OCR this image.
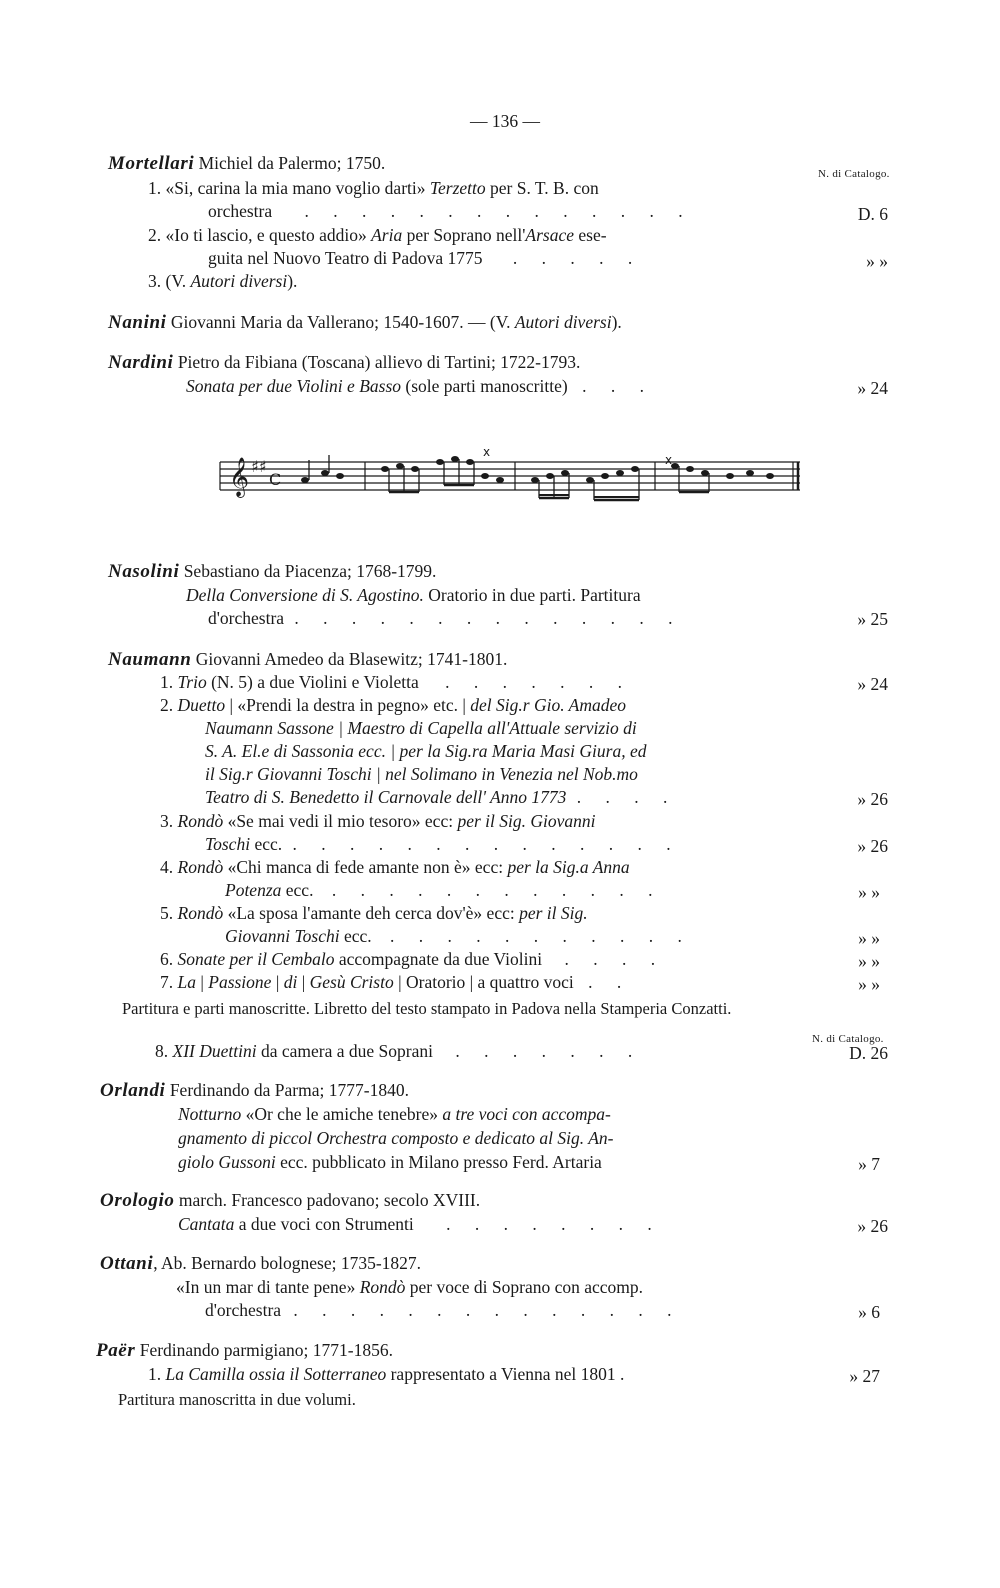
— 136 —
N. di Catalogo.
Mortellari Michiel da Palermo; 1750.
1. «Si, carina la mia mano voglio darti» Terzetto per S. T. B. con
orchestra . . . . . . . . . . . . . .	D. 6
2. «Io ti lascio, e questo addio» Aria per Soprano nell'Arsace ese-
guita nel Nuovo Teatro di Padova 1775 . . . . .	» »
3. (V. Autori diversi).
Nanini Giovanni Maria da Vallerano; 1540-1607. — (V. Autori diversi).
Nardini Pietro da Fibiana (Toscana) allievo di Tartini; 1722-1793.
Sonata per due Violini e Basso (sole parti manoscritte) . . .	» 24
𝄞 ♯♯
C
x
x
Nasolini Sebastiano da Piacenza; 1768-1799.
Della Conversione di S. Agostino. Oratorio in due parti. Partitura
d'orchestra . . . . . . . . . . . . . .	» 25
Naumann Giovanni Amedeo da Blasewitz; 1741-1801.
1. Trio (N. 5) a due Violini e Violetta . . . . . . .	» 24
2. Duetto | «Prendi la destra in pegno» etc. | del Sig.r Gio. Amadeo
Naumann Sassone | Maestro di Capella all'Attuale servizio di
S. A. El.e di Sassonia ecc. | per la Sig.ra Maria Masi Giura, ed
il Sig.r Giovanni Toschi | nel Solimano in Venezia nel Nob.mo
Teatro di S. Benedetto il Carnovale dell' Anno 1773 . . . .	» 26
3. Rondò «Se mai vedi il mio tesoro» ecc: per il Sig. Giovanni
Toschi ecc. . . . . . . . . . . . . . .	» 26
4. Rondò «Chi manca di fede amante non è» ecc: per la Sig.a Anna
Potenza ecc. . . . . . . . . . . . .	» »
5. Rondò «La sposa l'amante deh cerca dov'è» ecc: per il Sig.
Giovanni Toschi ecc. . . . . . . . . . . .	» »
6. Sonate per il Cembalo accompagnate da due Violini . . . .	» »
7. La | Passione | di | Gesù Cristo | Oratorio | a quattro voci . .	» »
Partitura e parti manoscritte. Libretto del testo stampato in Padova nella Stamperia Conzatti.
N. di Catalogo.
8. XII Duettini da camera a due Soprani . . . . . . .	D. 26
Orlandi Ferdinando da Parma; 1777-1840.
Notturno «Or che le amiche tenebre» a tre voci con accompa-
gnamento di piccol Orchestra composto e dedicato al Sig. An-
giolo Gussoni ecc. pubblicato in Milano presso Ferd. Artaria	» 7
Orologio march. Francesco padovano; secolo XVIII.
Cantata a due voci con Strumenti . . . . . . . .	» 26
Ottani, Ab. Bernardo bolognese; 1735-1827.
«In un mar di tante pene» Rondò per voce di Soprano con accomp.
d'orchestra . . . . . . . . . . . . . .	» 6
Paër Ferdinando parmigiano; 1771-1856.
1. La Camilla ossia il Sotterraneo rappresentato a Vienna nel 1801 .	» 27
Partitura manoscritta in due volumi.
